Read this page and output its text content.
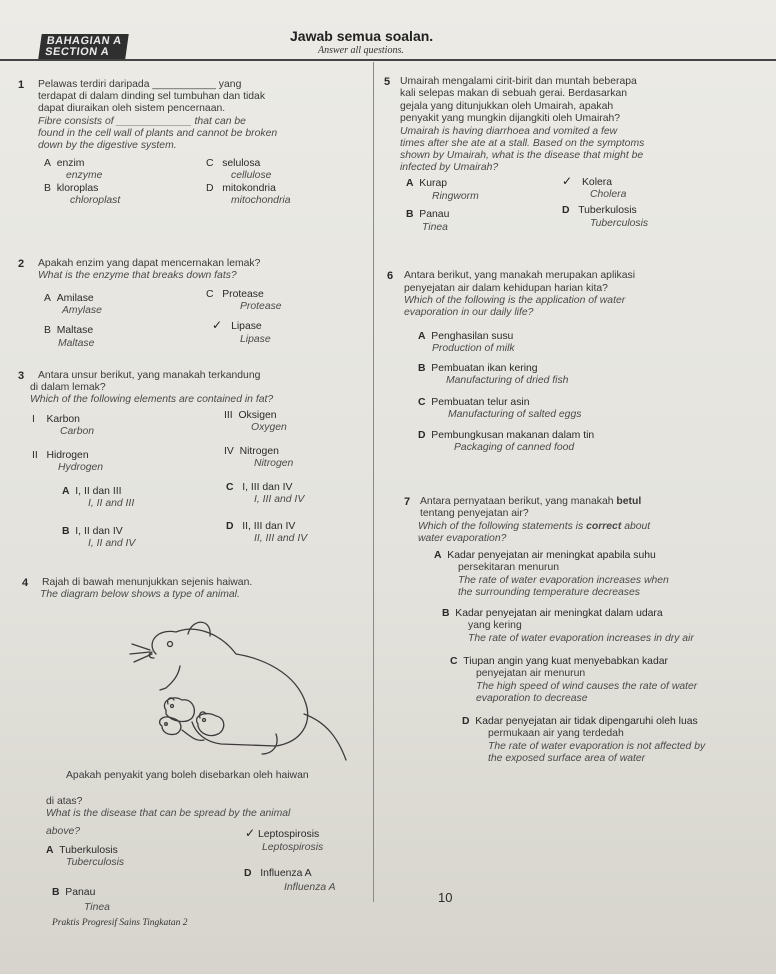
BAHAGIAN A
SECTION A
Jawab semua soalan.
Answer all questions.
1 Pelawas terdiri daripada ___________ yang
terdapat di dalam dinding sel tumbuhan dan tidak
dapat diuraikan oleh sistem pencernaan.
Fibre consists of _____________ that can be
found in the cell wall of plants and cannot be broken
down by the digestive system.
A enzim
enzyme
C selulosa
cellulose
B kloroplas
chloroplast
D mitokondria
mitochondria
2 Apakah enzim yang dapat mencernakan lemak?
What is the enzyme that breaks down fats?
A Amilase
Amylase
C Protease
Protease
B Maltase
Maltase
✓ Lipase
Lipase
3 Antara unsur berikut, yang manakah terkandung
di dalam lemak?
Which of the following elements are contained in fat?
I Karbon
Carbon
III Oksigen
Oxygen
II Hidrogen
Hydrogen
IV Nitrogen
Nitrogen
A I, II dan III
I, II and III
C I, III dan IV
I, III and IV
B I, II dan IV
I, II and IV
D II, III dan IV
II, III and IV
4 Rajah di bawah menunjukkan sejenis haiwan.
The diagram below shows a type of animal.
Apakah penyakit yang boleh disebarkan oleh haiwan
di atas?
What is the disease that can be spread by the animal
above?
A Tuberkulosis
Tuberculosis
✓ Leptospirosis
Leptospirosis
B Panau
Tinea
D Influenza A
Influenza A
5 Umairah mengalami cirit-birit dan muntah beberapa
kali selepas makan di sebuah gerai. Berdasarkan
gejala yang ditunjukkan oleh Umairah, apakah
penyakit yang mungkin dijangkiti oleh Umairah?
Umairah is having diarrhoea and vomited a few
times after she ate at a stall. Based on the symptoms
shown by Umairah, what is the disease that might be
infected by Umairah?
A Kurap
Ringworm
✓ Kolera
Cholera
B Panau
Tinea
D Tuberkulosis
Tuberculosis
6 Antara berikut, yang manakah merupakan aplikasi
penyejatan air dalam kehidupan harian kita?
Which of the following is the application of water
evaporation in our daily life?
A Penghasilan susu
Production of milk
B Pembuatan ikan kering
Manufacturing of dried fish
C Pembuatan telur asin
Manufacturing of salted eggs
D Pembungkusan makanan dalam tin
Packaging of canned food
7 Antara pernyataan berikut, yang manakah betul
tentang penyejatan air?
Which of the following statements is correct about
water evaporation?
A Kadar penyejatan air meningkat apabila suhu
persekitaran menurun
The rate of water evaporation increases when
the surrounding temperature decreases
B Kadar penyejatan air meningkat dalam udara
yang kering
The rate of water evaporation increases in dry air
C Tiupan angin yang kuat menyebabkan kadar
penyejatan air menurun
The high speed of wind causes the rate of water
evaporation to decrease
D Kadar penyejatan air tidak dipengaruhi oleh luas
permukaan air yang terdedah
The rate of water evaporation is not affected by
the exposed surface area of water
10
Praktis Progresif Sains Tingkatan 2
